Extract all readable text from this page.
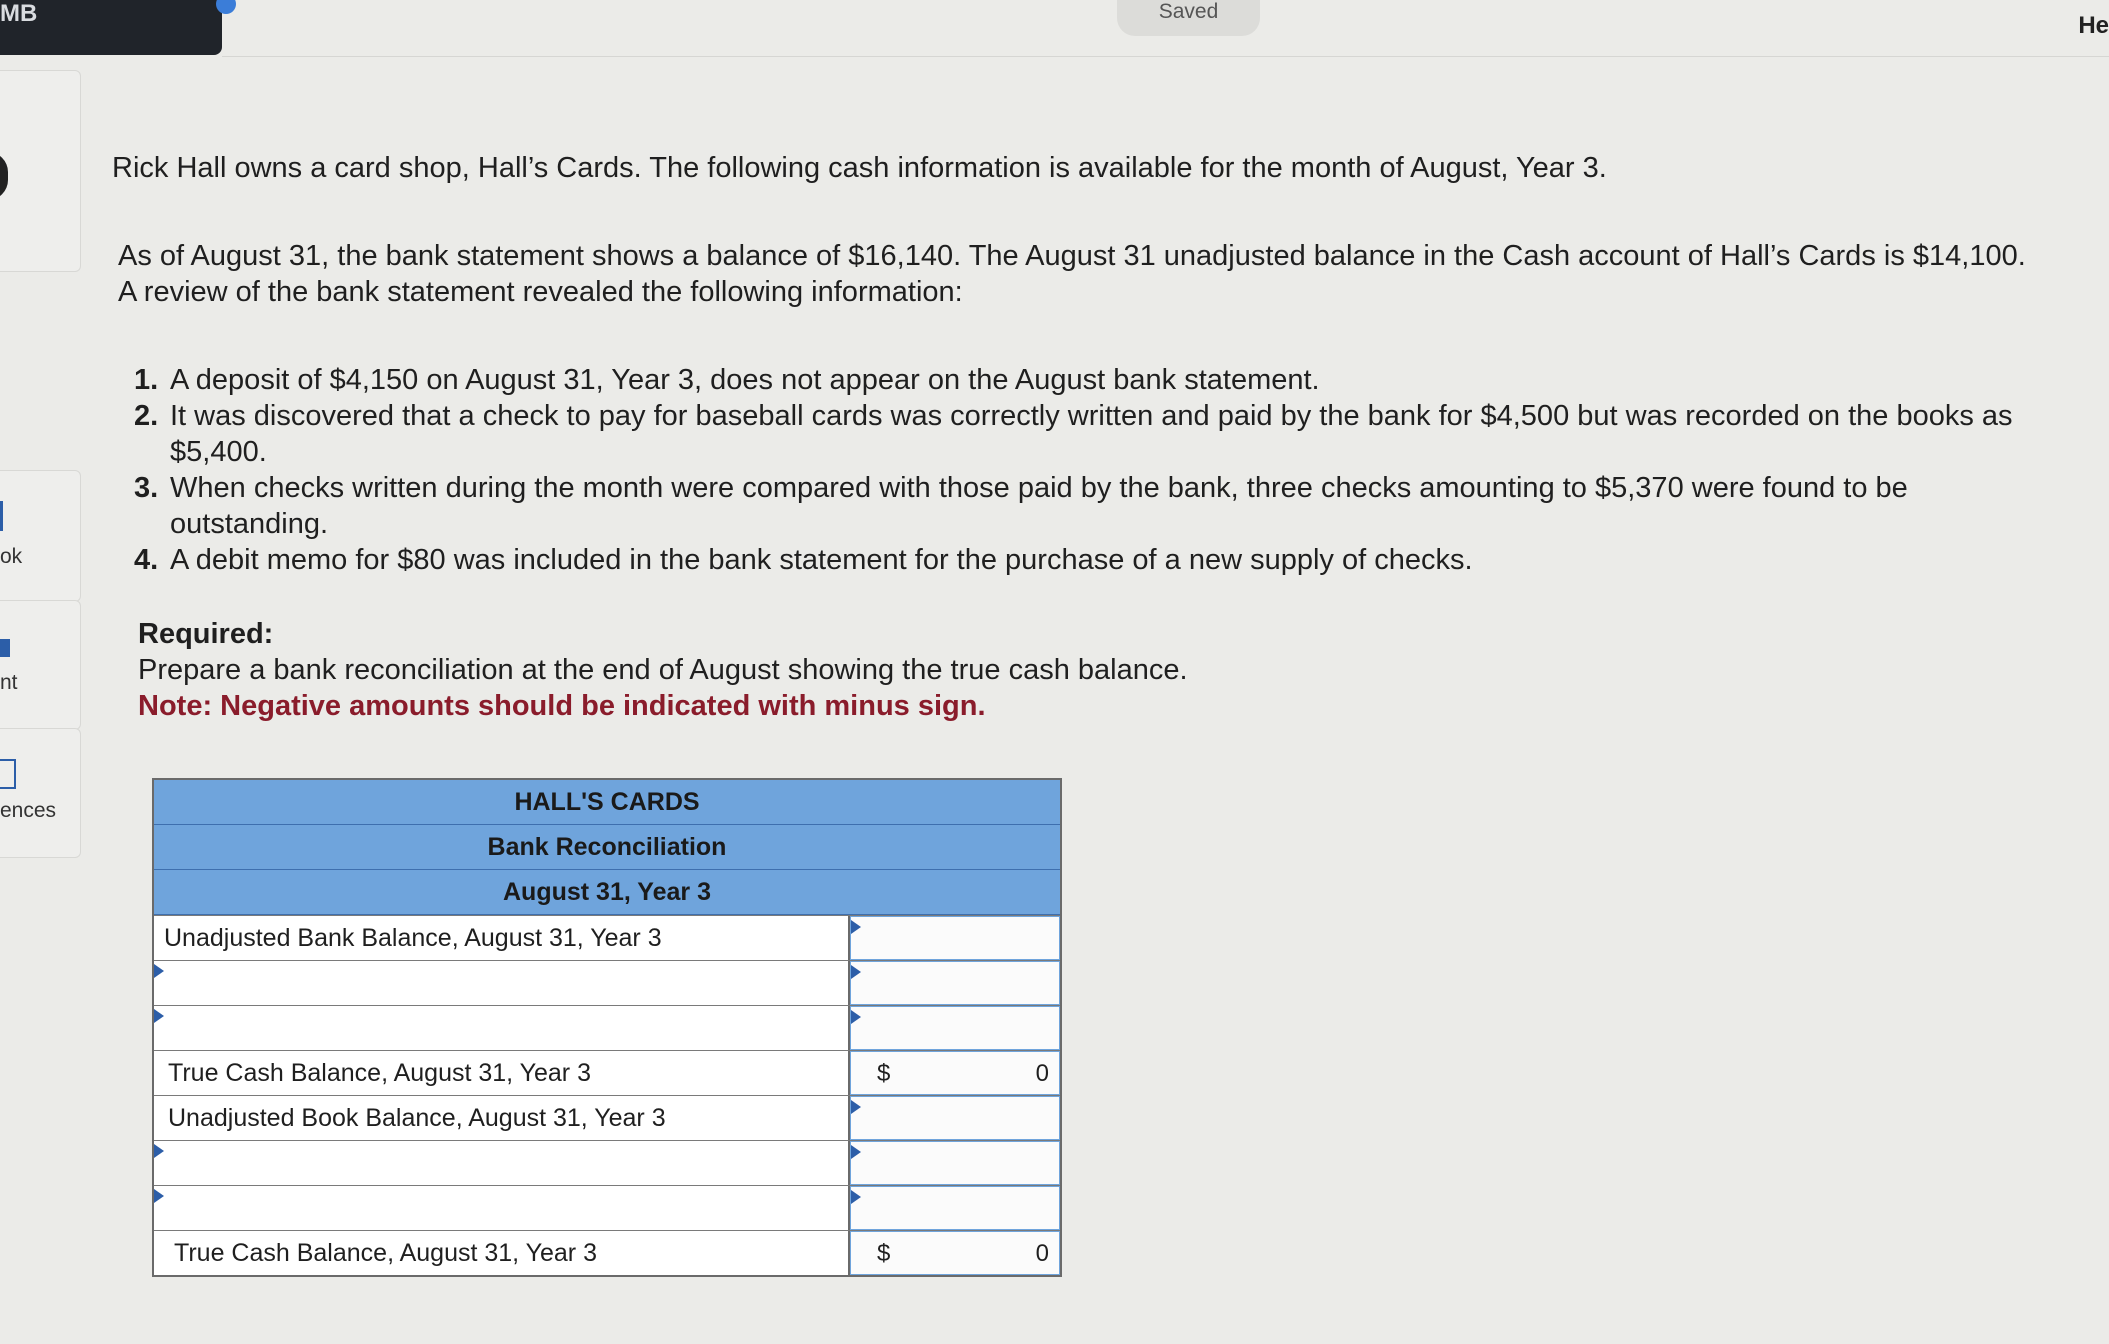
MB	Saved
He
ok
nt
ences
Rick Hall owns a card shop, Hall’s Cards. The following cash information is available for the month of August, Year 3.
As of August 31, the bank statement shows a balance of $16,140. The August 31 unadjusted balance in the Cash account of Hall’s Cards is $14,100. A review of the bank statement revealed the following information:
1. A deposit of $4,150 on August 31, Year 3, does not appear on the August bank statement.
2. It was discovered that a check to pay for baseball cards was correctly written and paid by the bank for $4,500 but was recorded on the books as $5,400.
3. When checks written during the month were compared with those paid by the bank, three checks amounting to $5,370 were found to be outstanding.
4. A debit memo for $80 was included in the bank statement for the purchase of a new supply of checks.
Required:
Prepare a bank reconciliation at the end of August showing the true cash balance.
Note: Negative amounts should be indicated with minus sign.
HALL'S CARDS
Bank Reconciliation
August 31, Year 3
Unadjusted Bank Balance, August 31, Year 3
True Cash Balance, August 31, Year 3	$	0
Unadjusted Book Balance, August 31, Year 3
True Cash Balance, August 31, Year 3	$	0
